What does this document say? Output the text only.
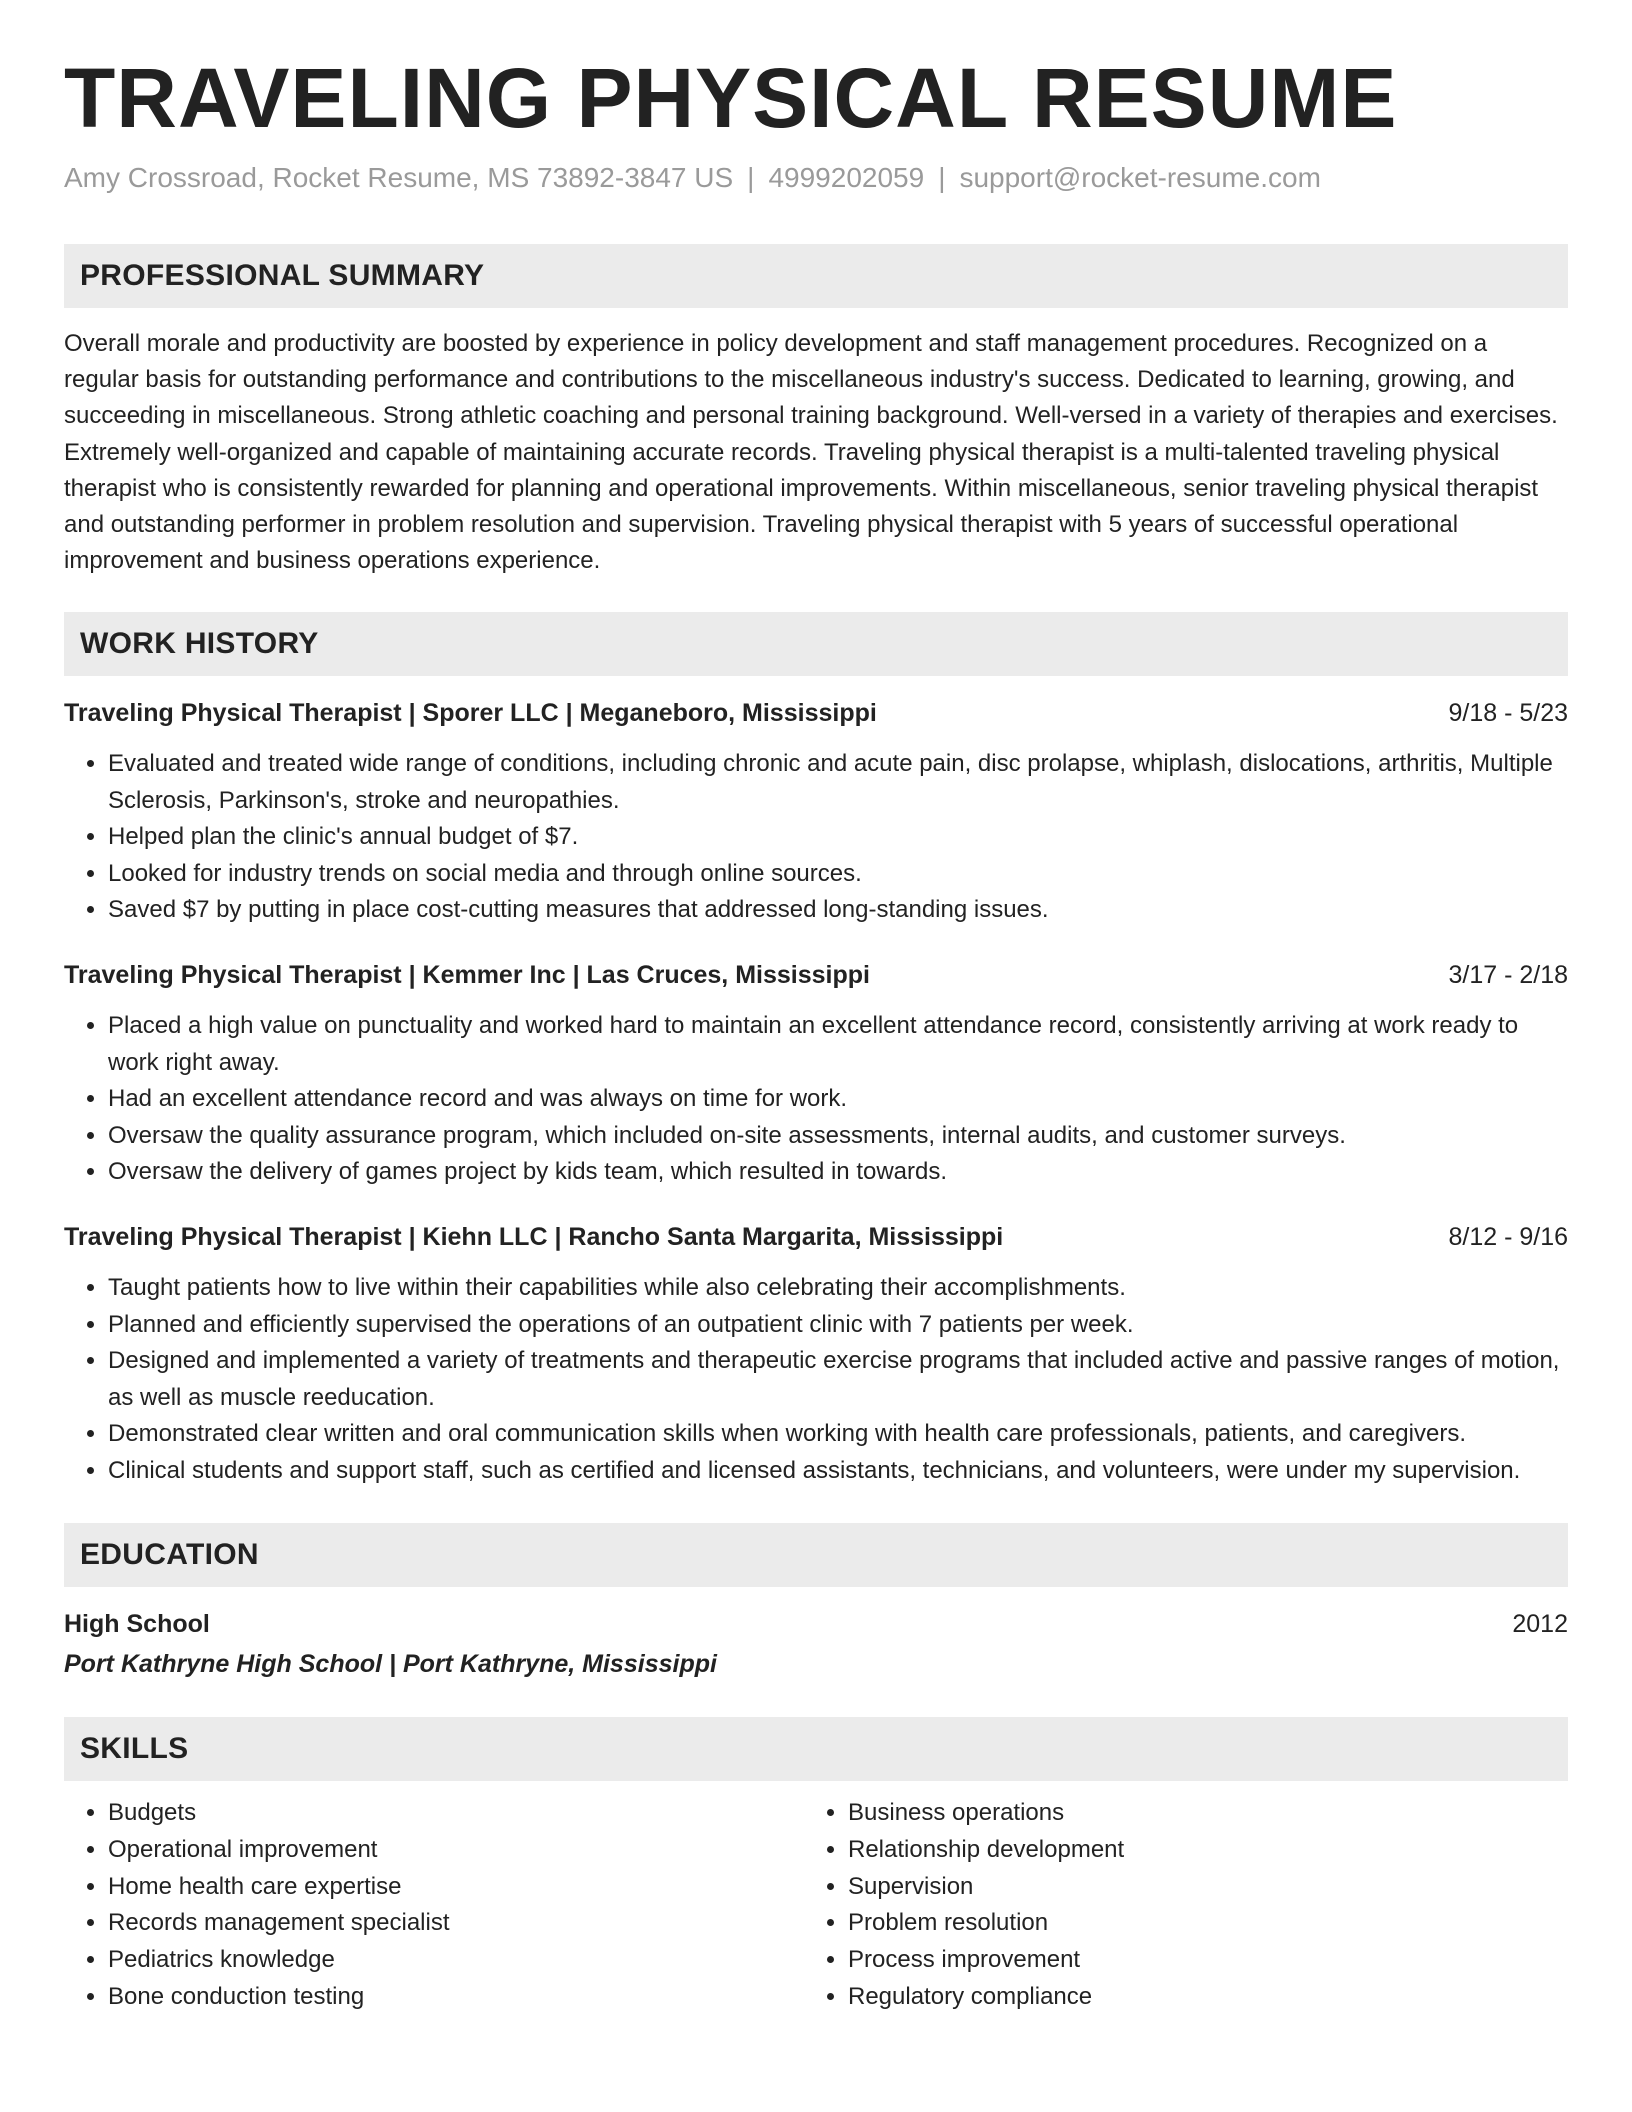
TRAVELING PHYSICAL RESUME
Amy Crossroad, Rocket Resume, MS 73892-3847 US | 4999202059 | support@rocket-resume.com
PROFESSIONAL SUMMARY

Overall morale and productivity are boosted by experience in policy development and staff management procedures. Recognized on a regular basis for outstanding performance and contributions to the miscellaneous industry's success. Dedicated to learning, growing, and succeeding in miscellaneous. Strong athletic coaching and personal training background. Well-versed in a variety of therapies and exercises. Extremely well-organized and capable of maintaining accurate records. Traveling physical therapist is a multi-talented traveling physical therapist who is consistently rewarded for planning and operational improvements. Within miscellaneous, senior traveling physical therapist and outstanding performer in problem resolution and supervision. Traveling physical therapist with 5 years of successful operational improvement and business operations experience.

WORK HISTORY
Traveling Physical Therapist | Sporer LLC | Meganeboro, Mississippi	9/18 - 5/23
• Evaluated and treated wide range of conditions, including chronic and acute pain, disc prolapse, whiplash, dislocations, arthritis, Multiple Sclerosis, Parkinson's, stroke and neuropathies.
• Helped plan the clinic's annual budget of $7.
• Looked for industry trends on social media and through online sources.
• Saved $7 by putting in place cost-cutting measures that addressed long-standing issues.
Traveling Physical Therapist | Kemmer Inc | Las Cruces, Mississippi	3/17 - 2/18
• Placed a high value on punctuality and worked hard to maintain an excellent attendance record, consistently arriving at work ready to work right away.
• Had an excellent attendance record and was always on time for work.
• Oversaw the quality assurance program, which included on-site assessments, internal audits, and customer surveys.
• Oversaw the delivery of games project by kids team, which resulted in towards.
Traveling Physical Therapist | Kiehn LLC | Rancho Santa Margarita, Mississippi	8/12 - 9/16
• Taught patients how to live within their capabilities while also celebrating their accomplishments.
• Planned and efficiently supervised the operations of an outpatient clinic with 7 patients per week.
• Designed and implemented a variety of treatments and therapeutic exercise programs that included active and passive ranges of motion, as well as muscle reeducation.
• Demonstrated clear written and oral communication skills when working with health care professionals, patients, and caregivers.
• Clinical students and support staff, such as certified and licensed assistants, technicians, and volunteers, were under my supervision.
EDUCATION
High School	2012
Port Kathryne High School | Port Kathryne, Mississippi
SKILLS
• Budgets
• Operational improvement
• Home health care expertise
• Records management specialist
• Pediatrics knowledge
• Bone conduction testing
• Business operations
• Relationship development
• Supervision
• Problem resolution
• Process improvement
• Regulatory compliance
